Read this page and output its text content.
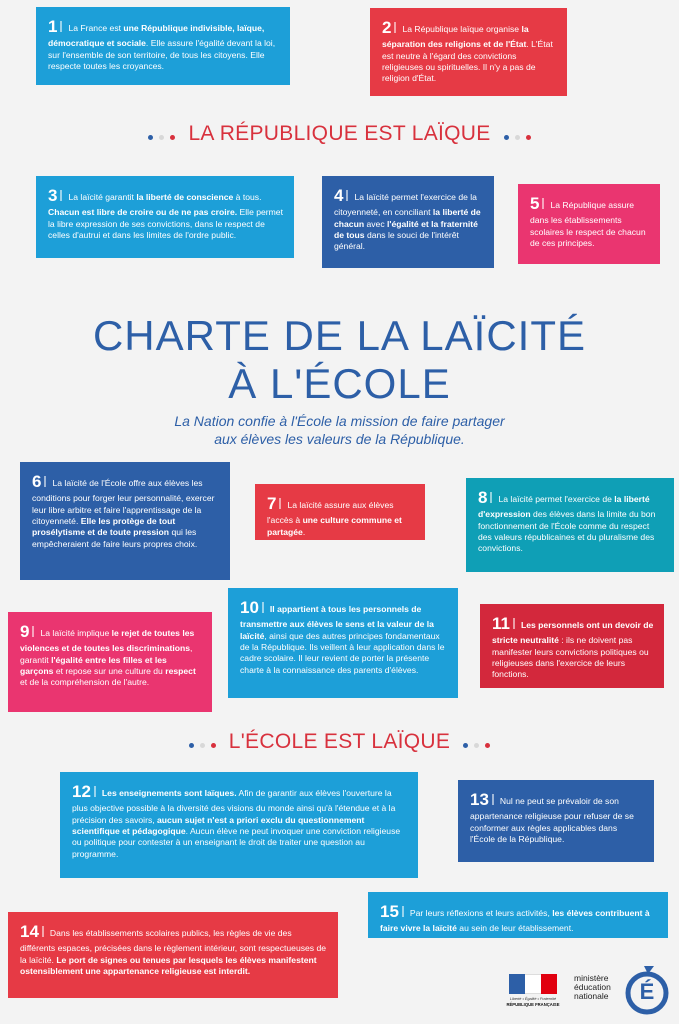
1 La France est une République indivisible, laïque, démocratique et sociale. Elle assure l'égalité devant la loi, sur l'ensemble de son territoire, de tous les citoyens. Elle respecte toutes les croyances.
2 La République laïque organise la séparation des religions et de l'État. L'État est neutre à l'égard des convictions religieuses ou spirituelles. Il n'y a pas de religion d'État.
LA RÉPUBLIQUE EST LAÏQUE
3 La laïcité garantit la liberté de conscience à tous. Chacun est libre de croire ou de ne pas croire. Elle permet la libre expression de ses convictions, dans le respect de celles d'autrui et dans les limites de l'ordre public.
4 La laïcité permet l'exercice de la citoyenneté, en conciliant la liberté de chacun avec l'égalité et la fraternité de tous dans le souci de l'intérêt général.
5 La République assure dans les établissements scolaires le respect de chacun de ces principes.
CHARTE DE LA LAÏCITÉ
À L'ÉCOLE
La Nation confie à l'École la mission de faire partager
aux élèves les valeurs de la République.
6 La laïcité de l'École offre aux élèves les conditions pour forger leur personnalité, exercer leur libre arbitre et faire l'apprentissage de la citoyenneté. Elle les protège de tout prosélytisme et de toute pression qui les empêcheraient de faire leurs propres choix.
7 La laïcité assure aux élèves l'accès à une culture commune et partagée.
8 La laïcité permet l'exercice de la liberté d'expression des élèves dans la limite du bon fonctionnement de l'École comme du respect des valeurs républicaines et du pluralisme des convictions.
9 La laïcité implique le rejet de toutes les violences et de toutes les discriminations, garantit l'égalité entre les filles et les garçons et repose sur une culture du respect et de la compréhension de l'autre.
10 Il appartient à tous les personnels de transmettre aux élèves le sens et la valeur de la laïcité, ainsi que des autres principes fondamentaux de la République. Ils veillent à leur application dans le cadre scolaire. Il leur revient de porter la présente charte à la connaissance des parents d'élèves.
11 Les personnels ont un devoir de stricte neutralité : ils ne doivent pas manifester leurs convictions politiques ou religieuses dans l'exercice de leurs fonctions.
L'ÉCOLE EST LAÏQUE
12 Les enseignements sont laïques. Afin de garantir aux élèves l'ouverture la plus objective possible à la diversité des visions du monde ainsi qu'à l'étendue et à la précision des savoirs, aucun sujet n'est a priori exclu du questionnement scientifique et pédagogique. Aucun élève ne peut invoquer une conviction religieuse ou politique pour contester à un enseignant le droit de traiter une question au programme.
13 Nul ne peut se prévaloir de son appartenance religieuse pour refuser de se conformer aux règles applicables dans l'École de la République.
15 Par leurs réflexions et leurs activités, les élèves contribuent à faire vivre la laïcité au sein de leur établissement.
14 Dans les établissements scolaires publics, les règles de vie des différents espaces, précisées dans le règlement intérieur, sont respectueuses de la laïcité. Le port de signes ou tenues par lesquels les élèves manifestent ostensiblement une appartenance religieuse est interdit.
Liberté • Égalité • Fraternité
RÉPUBLIQUE FRANÇAISE
ministère
éducation
nationale	É
